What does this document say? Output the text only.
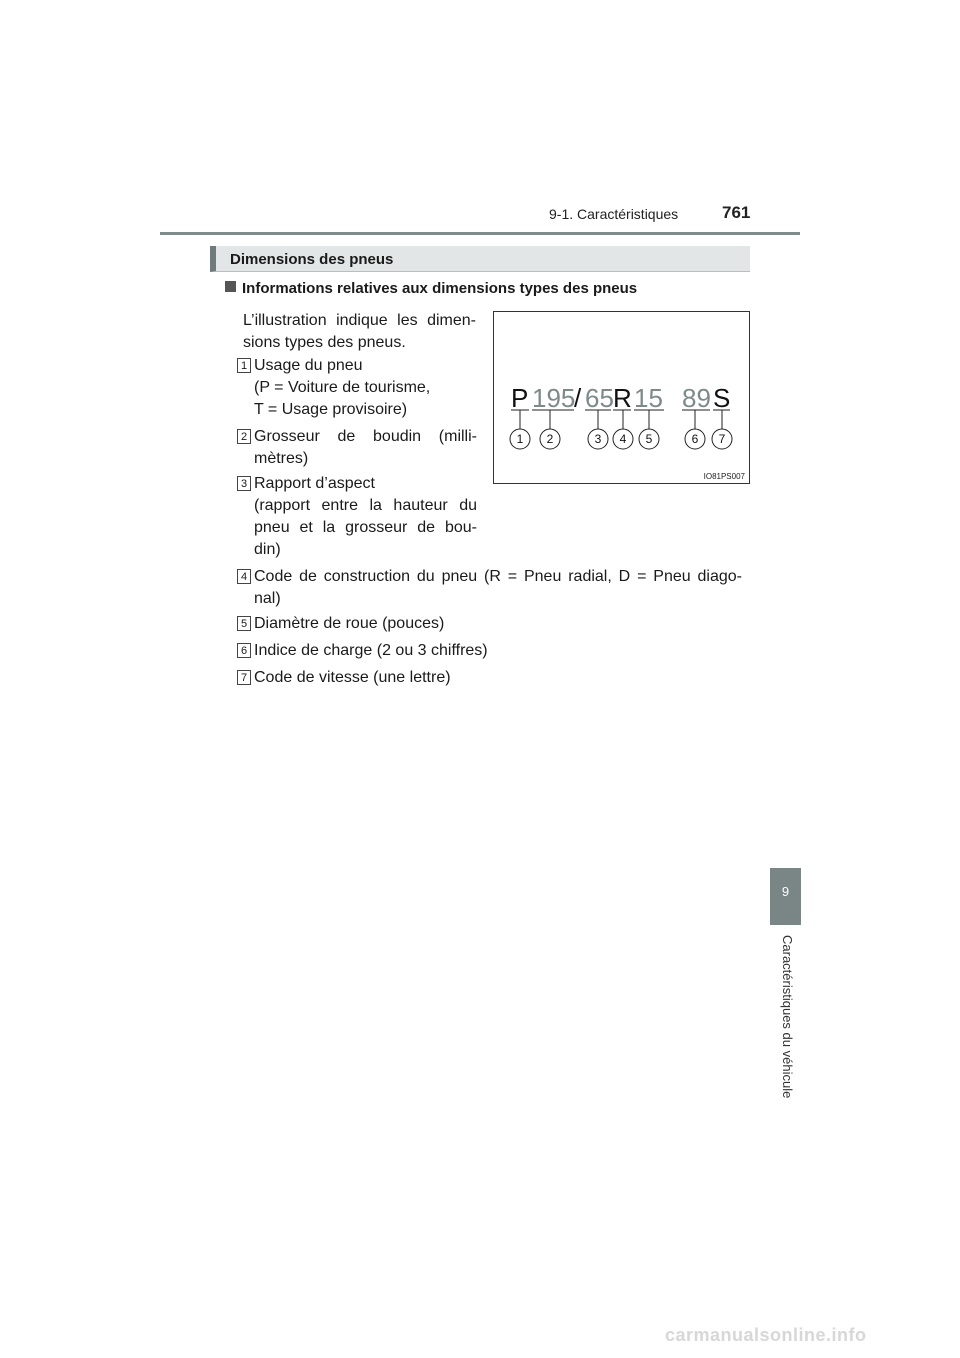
9-1. Caractéristiques	761
Dimensions des pneus
Informations relatives aux dimensions types des pneus
L’illustration indique les dimen-sions types des pneus.
1 Usage du pneu
(P = Voiture de tourisme,
T = Usage provisoire)
2 Grosseur de boudin (milli-
mètres)
3 Rapport d’aspect
(rapport entre la hauteur du
pneu et la grosseur de bou-
din)
4 Code de construction du pneu (R = Pneu radial, D = Pneu diago-
nal)
5 Diamètre de roue (pouces)
6 Indice de charge (2 ou 3 chiffres)
7 Code de vitesse (une lettre)
P 195
/ 65 R 15 89 S
1 2	3 4 5	6 7
IO81PS007
9
Caractéristiques du véhicule
carmanualsonline.info
